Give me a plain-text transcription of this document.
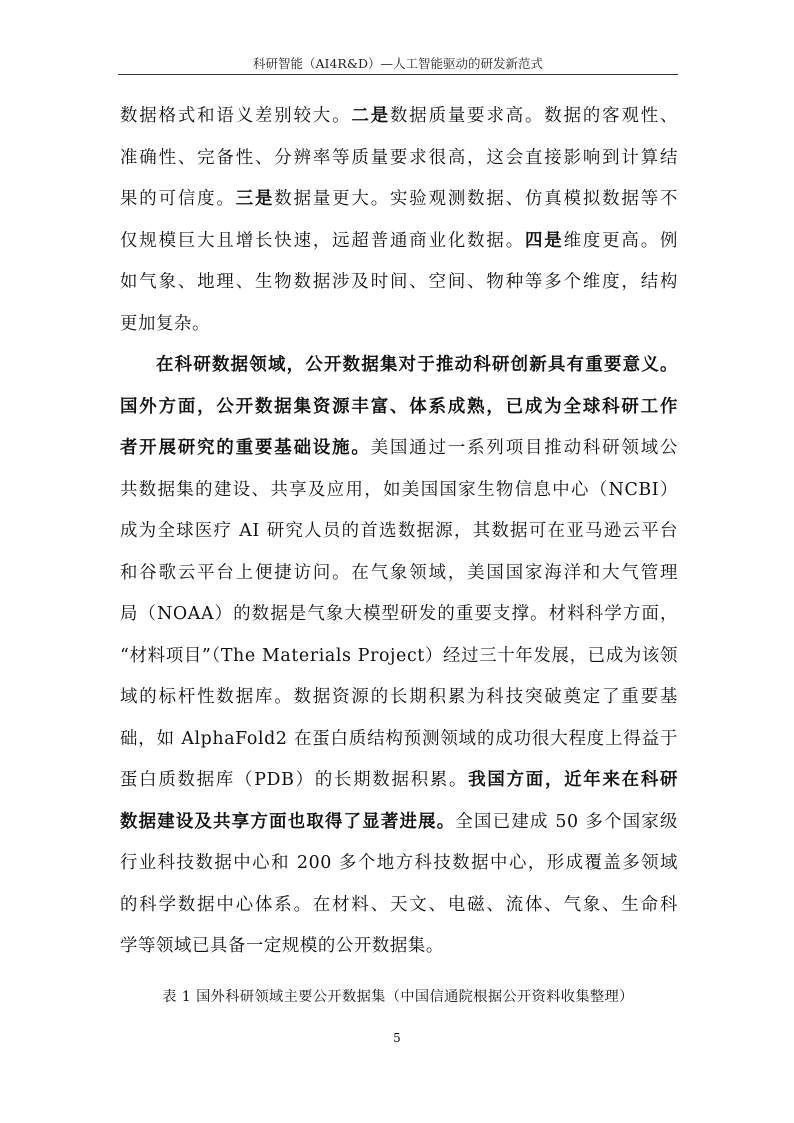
科研智能（AI4R&D）—人工智能驱动的研发新范式
数据格式和语义差别较大。二是数据质量要求高。数据的客观性、
准确性、完备性、分辨率等质量要求很高，这会直接影响到计算结
果的可信度。三是数据量更大。实验观测数据、仿真模拟数据等不
仅规模巨大且增长快速，远超普通商业化数据。四是维度更高。例
如气象、地理、生物数据涉及时间、空间、物种等多个维度，结构
更加复杂。
在科研数据领域，公开数据集对于推动科研创新具有重要意义。
国外方面，公开数据集资源丰富、体系成熟，已成为全球科研工作
者开展研究的重要基础设施。美国通过一系列项目推动科研领域公
共数据集的建设、共享及应用，如美国国家生物信息中心（NCBI）
成为全球医疗 AI 研究人员的首选数据源，其数据可在亚马逊云平台
和谷歌云平台上便捷访问。在气象领域，美国国家海洋和大气管理
局（NOAA）的数据是气象大模型研发的重要支撑。材料科学方面，
“材料项目”（The Materials Project）经过三十年发展，已成为该领
域的标杆性数据库。数据资源的长期积累为科技突破奠定了重要基
础，如 AlphaFold2 在蛋白质结构预测领域的成功很大程度上得益于
蛋白质数据库（PDB）的长期数据积累。我国方面，近年来在科研
数据建设及共享方面也取得了显著进展。全国已建成 50 多个国家级
行业科技数据中心和 200 多个地方科技数据中心，形成覆盖多领域
的科学数据中心体系。在材料、天文、电磁、流体、气象、生命科
学等领域已具备一定规模的公开数据集。
表 1 国外科研领域主要公开数据集（中国信通院根据公开资料收集整理）
5
